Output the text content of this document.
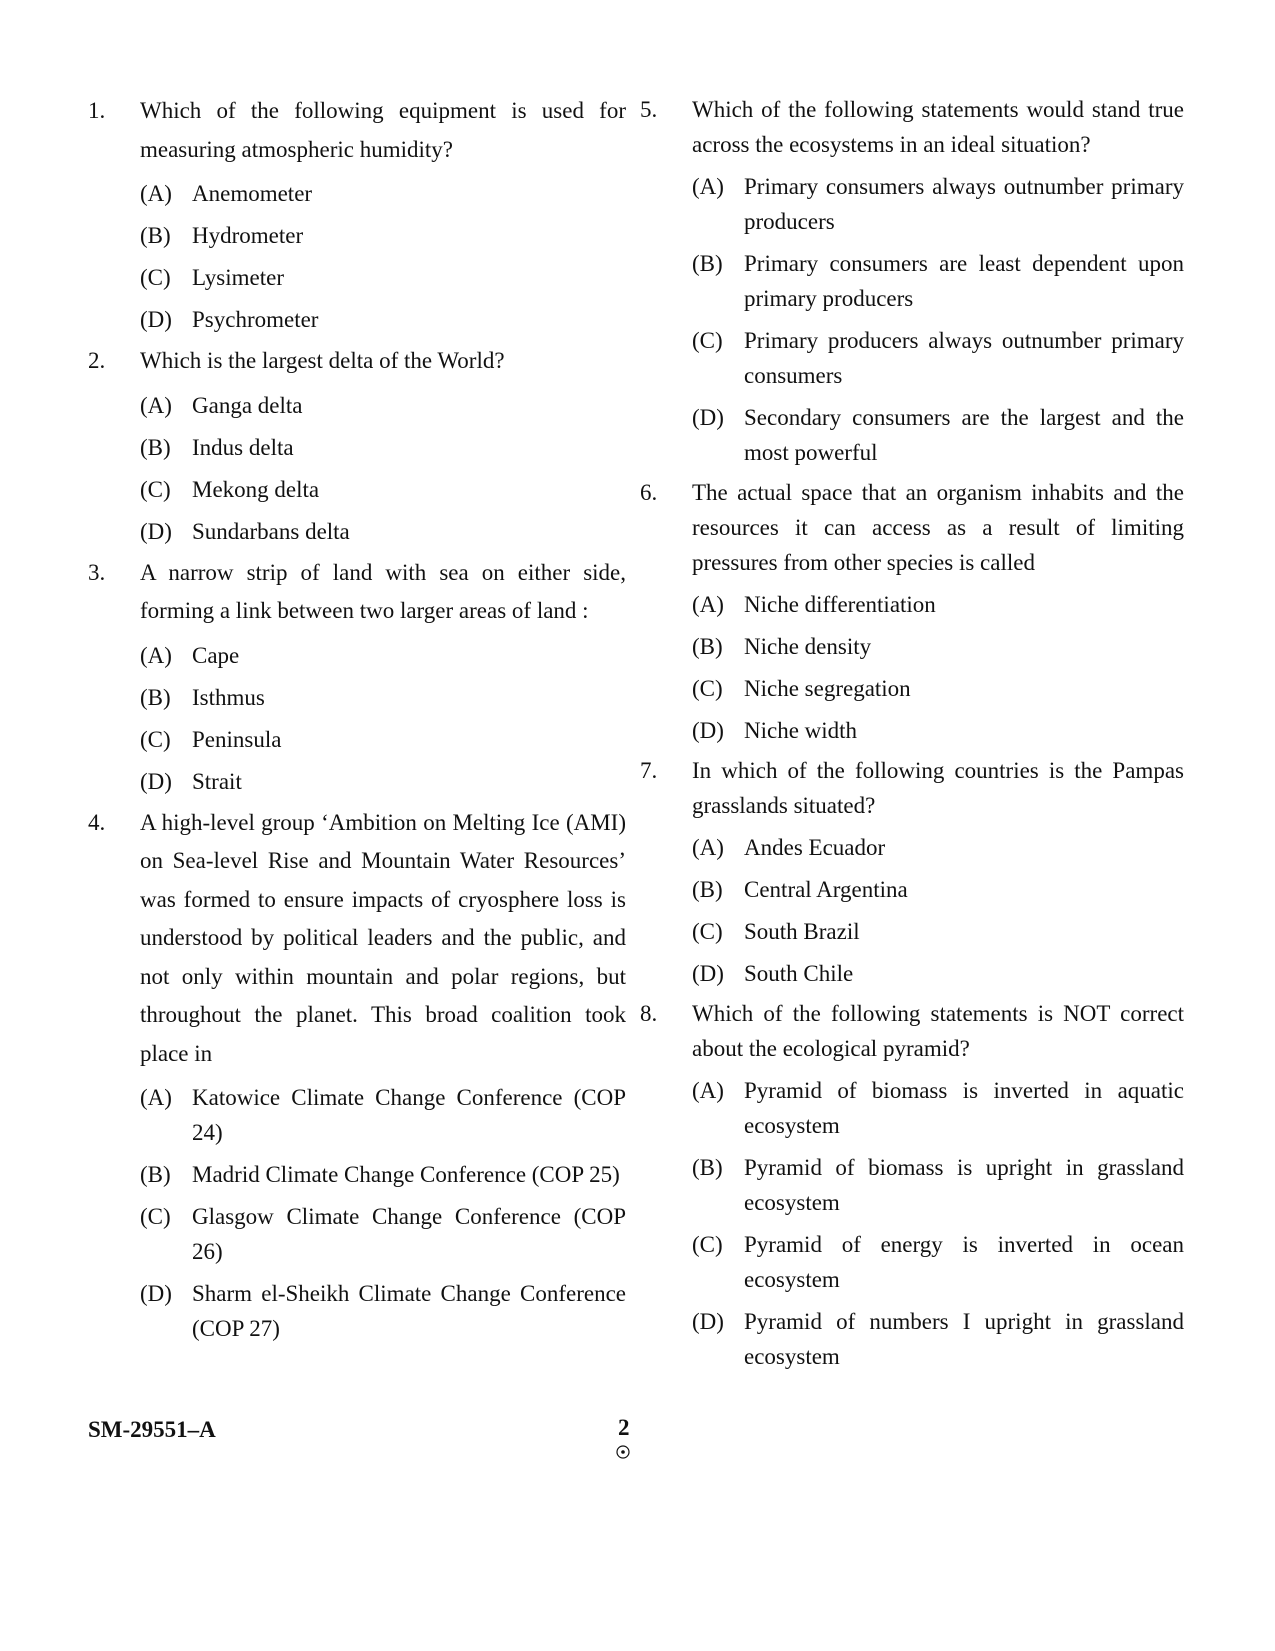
1. Which of the following equipment is used for measuring atmospheric humidity?
(A) Anemometer
(B) Hydrometer
(C) Lysimeter
(D) Psychrometer
2. Which is the largest delta of the World?
(A) Ganga delta
(B) Indus delta
(C) Mekong delta
(D) Sundarbans delta
3. A narrow strip of land with sea on either side, forming a link between two larger areas of land :
(A) Cape
(B) Isthmus
(C) Peninsula
(D) Strait
4. A high-level group ‘Ambition on Melting Ice (AMI) on Sea-level Rise and Mountain Water Resources’ was formed to ensure impacts of cryosphere loss is understood by political leaders and the public, and not only within mountain and polar regions, but throughout the planet. This broad coalition took place in
(A) Katowice Climate Change Conference (COP 24)
(B) Madrid Climate Change Conference (COP 25)
(C) Glasgow Climate Change Conference (COP 26)
(D) Sharm el-Sheikh Climate Change Conference (COP 27)
5. Which of the following statements would stand true across the ecosystems in an ideal situation?
(A) Primary consumers always outnumber primary producers
(B) Primary consumers are least dependent upon primary producers
(C) Primary producers always outnumber primary consumers
(D) Secondary consumers are the largest and the most powerful
6. The actual space that an organism inhabits and the resources it can access as a result of limiting pressures from other species is called
(A) Niche differentiation
(B) Niche density
(C) Niche segregation
(D) Niche width
7. In which of the following countries is the Pampas grasslands situated?
(A) Andes Ecuador
(B) Central Argentina
(C) South Brazil
(D) South Chile
8. Which of the following statements is NOT correct about the ecological pyramid?
(A) Pyramid of biomass is inverted in aquatic ecosystem
(B) Pyramid of biomass is upright in grassland ecosystem
(C) Pyramid of energy is inverted in ocean ecosystem
(D) Pyramid of numbers I upright in grassland ecosystem
SM-29551–A	2
